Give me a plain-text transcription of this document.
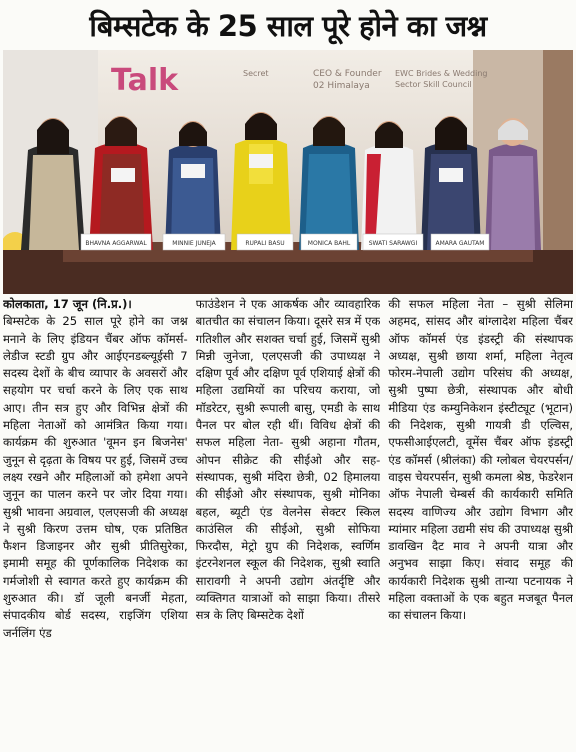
बिम्सटेक के 25 साल पूरे होने का जश्न
Talk	CEO & Founder
02 Himalaya
EWC Brides & Wedding
Sector Skill Council
Secret
BHAVNA AGGARWAL	MINNIE JUNEJA	RUPALI BASU	MONICA BAHL	SWATI SARAWGI	AMARA GAUTAM

कोलकाता, 17 जून (नि.प्र.)।

बिम्सटेक के 25 साल पूरे होने का जश्न मनाने के लिए इंडियन चैंबर ऑफ कॉमर्स-लेडीज स्टडी ग्रुप और आईएनडब्ल्यूईसी 7 सदस्य देशों के बीच व्यापार के अवसरों और सहयोग पर चर्चा करने के लिए एक साथ आए। तीन सत्र हुए और विभिन्न क्षेत्रों की महिला नेताओं को आमंत्रित किया गया। कार्यक्रम की शुरुआत 'वूमन इन बिजनेस' जुनून से दृढ़ता के विषय पर हुई, जिसमें उच्च लक्ष्य रखने और महिलाओं को हमेशा अपने जुनून का पालन करने पर जोर दिया गया। सुश्री भावना अग्रवाल, एलएसजी की अध्यक्ष ने सुश्री किरण उत्तम घोष, एक प्रतिष्ठित फैशन डिजाइनर और सुश्री प्रीतिसुरेका, इमामी समूह की पूर्णकालिक निदेशक का गर्मजोशी से स्वागत करते हुए कार्यक्रम की शुरुआत की। डॉ जूली बनर्जी मेहता, संपादकीय बोर्ड सदस्य, राइजिंग एशिया जर्नलिंग एंड

फाउंडेशन ने एक आकर्षक और व्यावहारिक बातचीत का संचालन किया। दूसरे सत्र में एक गतिशील और सशक्त चर्चा हुई, जिसमें सुश्री मिन्नी जुनेजा, एलएसजी की उपाध्यक्ष ने दक्षिण पूर्व और दक्षिण पूर्व एशियाई क्षेत्रों की महिला उद्यमियों का परिचय कराया, जो मॉडरेटर, सुश्री रूपाली बासु, एमडी के साथ पैनल पर बोल रही थीं। विविध क्षेत्रों की सफल महिला नेता- सुश्री अहाना गौतम, ओपन सीक्रेट की सीईओ और सह-संस्थापक, सुश्री मंदिरा छेत्री, 02 हिमालया की सीईओ और संस्थापक, सुश्री मोनिका बहल, ब्यूटी एंड वेलनेस सेक्टर स्किल काउंसिल की सीईओ, सुश्री सोफिया फिरदौस, मेट्रो ग्रुप की निदेशक, स्वर्णिम इंटरनेशनल स्कूल की निदेशक, सुश्री स्वाति सारावगी ने अपनी उद्योग अंतर्दृष्टि और व्यक्तिगत यात्राओं को साझा किया। तीसरे सत्र के लिए बिम्सटेक देशों

की सफल महिला नेता – सुश्री सेलिमा अहमद, सांसद और बांग्लादेश महिला चैंबर ऑफ कॉमर्स एंड इंडस्ट्री की संस्थापक अध्यक्ष, सुश्री छाया शर्मा, महिला नेतृत्व फोरम-नेपाली उद्योग परिसंघ की अध्यक्ष, सुश्री पुष्पा छेत्री, संस्थापक और बोधी मीडिया एंड कम्युनिकेशन इंस्टीट्यूट (भूटान) की निदेशक, सुश्री गायत्री डी एल्विस, एफसीआईएलटी, वूमेंस चैंबर ऑफ इंडस्ट्री एंड कॉमर्स (श्रीलंका) की ग्लोबल चेयरपर्सन/ वाइस चेयरपर्सन, सुश्री कमला श्रेष्ठ, फेडरेशन ऑफ नेपाली चेम्बर्स की कार्यकारी समिति सदस्य वाणिज्य और उद्योग विभाग और म्यांमार महिला उद्यमी संघ की उपाध्यक्ष सुश्री डावखिन दैट माव ने अपनी यात्रा और अनुभव साझा किए। संवाद समूह की कार्यकारी निदेशक सुश्री तान्या पटनायक ने महिला वक्ताओं के एक बहुत मजबूत पैनल का संचालन किया।
